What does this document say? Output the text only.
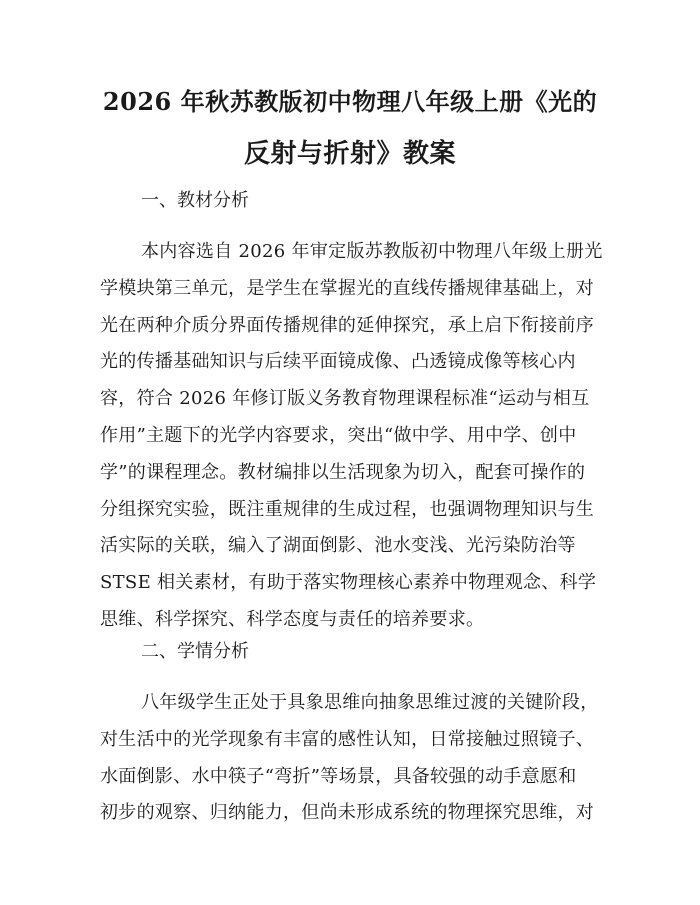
2026 年秋苏教版初中物理八年级上册《光的
反射与折射》教案

一、教材分析

本内容选自 2026 年审定版苏教版初中物理八年级上册光
学模块第三单元，是学生在掌握光的直线传播规律基础上，对
光在两种介质分界面传播规律的延伸探究，承上启下衔接前序
光的传播基础知识与后续平面镜成像、凸透镜成像等核心内
容，符合 2026 年修订版义务教育物理课程标准“运动与相互
作用”主题下的光学内容要求，突出“做中学、用中学、创中
学”的课程理念。教材编排以生活现象为切入，配套可操作的
分组探究实验，既注重规律的生成过程，也强调物理知识与生
活实际的关联，编入了湖面倒影、池水变浅、光污染防治等
STSE 相关素材，有助于落实物理核心素养中物理观念、科学
思维、科学探究、科学态度与责任的培养要求。

二、学情分析

八年级学生正处于具象思维向抽象思维过渡的关键阶段，
对生活中的光学现象有丰富的感性认知，日常接触过照镜子、
水面倒影、水中筷子“弯折”等场景，具备较强的动手意愿和
初步的观察、归纳能力，但尚未形成系统的物理探究思维，对
